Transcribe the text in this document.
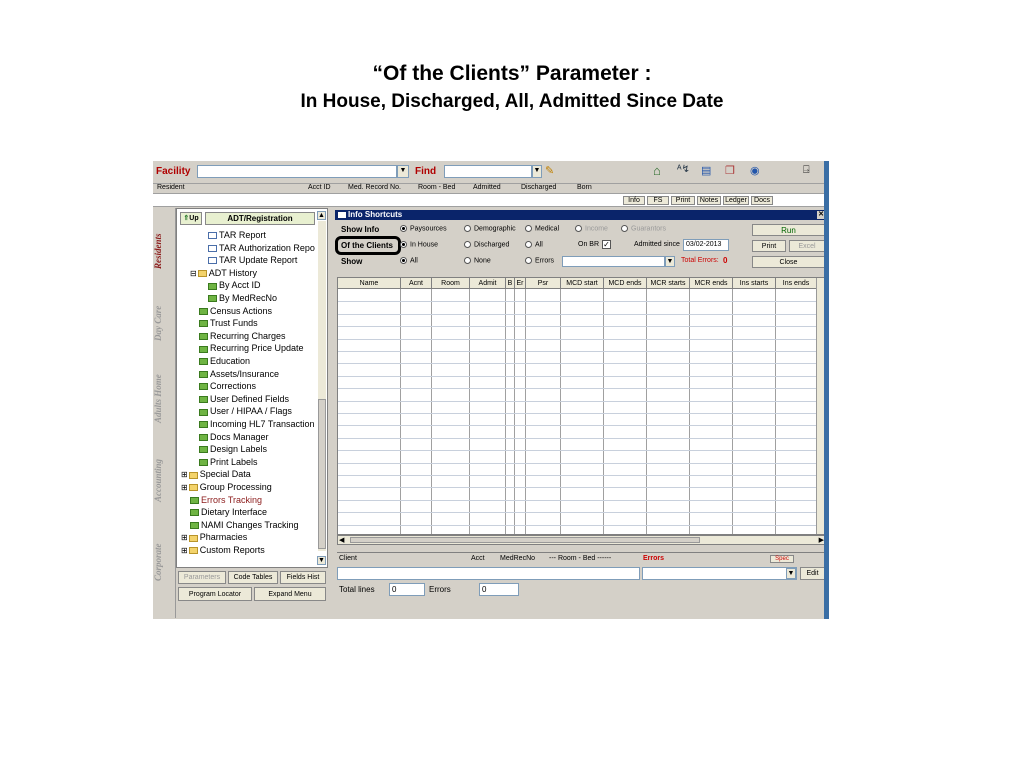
“Of the Clients” Parameter :
In House, Discharged, All, Admitted Since Date
Facility	▼ Find	▼ ✎	⌂ ᴬ↯ ▤ ❐ ◉	⍈
Resident	Acct ID Med. Record No. Room - Bed	Admitted	Discharged	Born
Info	FS	Print	Notes Ledger	Docs
Residents
Day Care
Adults Home
Accounting
Corporate
⇑Up	ADT/Registration	▲
▼
TAR Report
TAR Authorization Repo
TAR Update Report
⊟ ADT History
By Acct ID
By MedRecNo
Census Actions
Trust Funds
Recurring Charges
Recurring Price Update
Education
Assets/Insurance
Corrections
User Defined Fields
User / HIPAA / Flags
Incoming HL7 Transaction
Docs Manager
Design Labels
Print Labels
⊞ Special Data
⊞ Group Processing
Errors Tracking
Dietary Interface
NAMI Changes Tracking
⊞ Pharmacies
⊞ Custom Reports
Parameters	Code Tables	Fields Hist
Program Locator	Expand Menu
Info Shortcuts	✕
Show Info	Paysources	Demographic	Medical	Income	Guarantors
Of the Clients	In House	Discharged	All	On BR ✓	Admitted since 03/02-2013
Show	All	None	Errors	▼ Total Errors: 0
Run
Print	Excel
Close
Name	Acnt	Room	Admit	B Er	Psr	MCD start	MCD ends	MCR starts	MCR ends	Ins starts	Ins ends
◀	▶
Client	Acct MedRecNo --- Room - Bed ------	Errors	Spec
▼	Edit
Total lines	0	Errors	0
